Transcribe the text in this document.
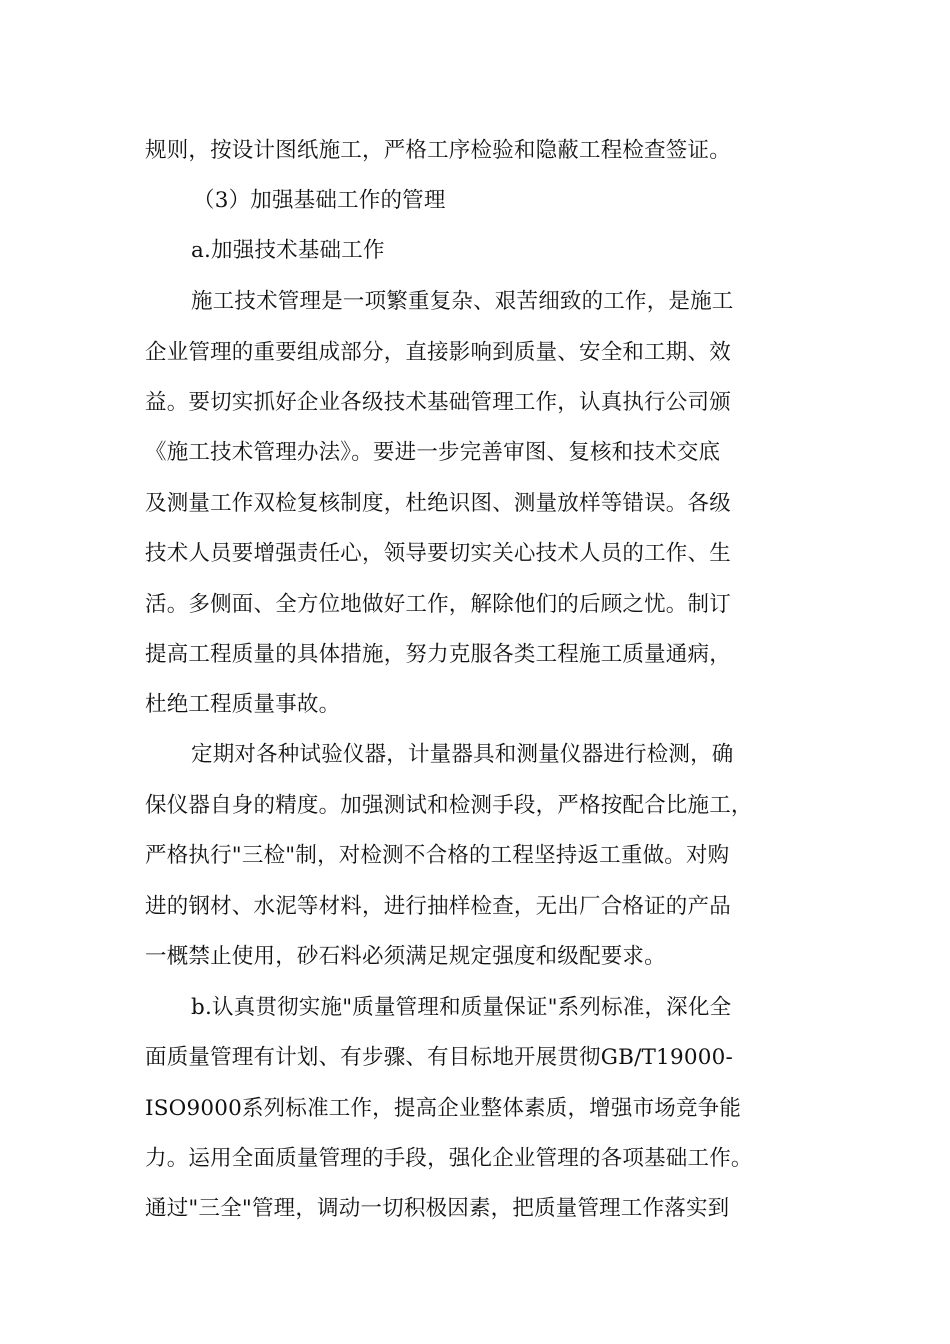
规则，按设计图纸施工，严格工序检验和隐蔽工程检查签证。
（3）加强基础工作的管理
a.加强技术基础工作
施工技术管理是一项繁重复杂、艰苦细致的工作，是施工
企业管理的重要组成部分，直接影响到质量、安全和工期、效
益。要切实抓好企业各级技术基础管理工作，认真执行公司颁
《施工技术管理办法》。要进一步完善审图、复核和技术交底
及测量工作双检复核制度，杜绝识图、测量放样等错误。各级
技术人员要增强责任心，领导要切实关心技术人员的工作、生
活。多侧面、全方位地做好工作，解除他们的后顾之忧。制订
提高工程质量的具体措施，努力克服各类工程施工质量通病，
杜绝工程质量事故。
定期对各种试验仪器，计量器具和测量仪器进行检测，确
保仪器自身的精度。加强测试和检测手段，严格按配合比施工，
严格执行"三检"制，对检测不合格的工程坚持返工重做。对购
进的钢材、水泥等材料，进行抽样检查，无出厂合格证的产品
一概禁止使用，砂石料必须满足规定强度和级配要求。
b.认真贯彻实施"质量管理和质量保证"系列标准，深化全
面质量管理有计划、有步骤、有目标地开展贯彻GB/T19000-
ISO9000系列标准工作，提高企业整体素质，增强市场竞争能
力。运用全面质量管理的手段，强化企业管理的各项基础工作。
通过"三全"管理，调动一切积极因素，把质量管理工作落实到
